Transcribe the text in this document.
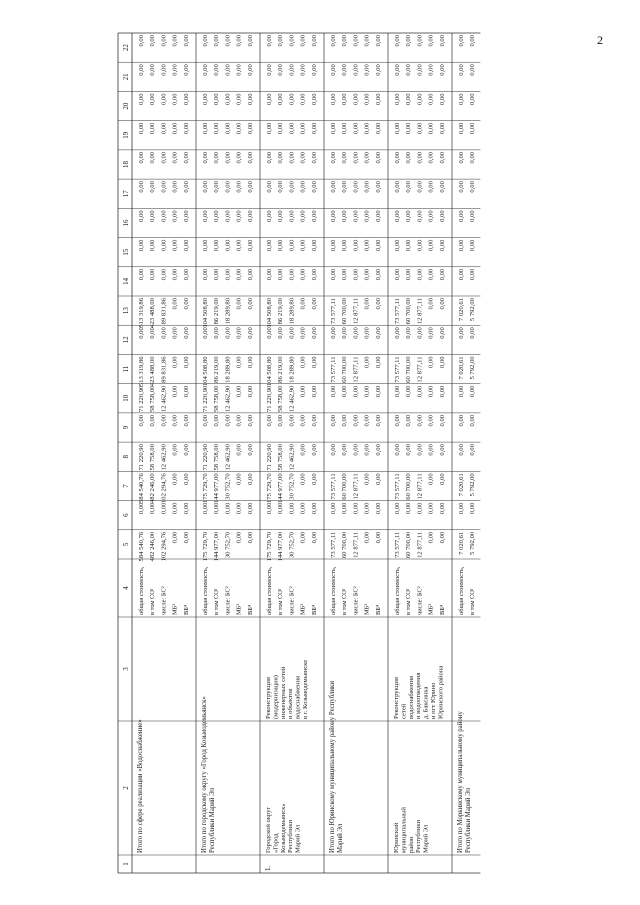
2
1
2
3
4
5
6
7
8
9
10
11
12
13
14
15
16
17
18
19
20
21
22
Итого по сфере реализации «Водоснабжение»
общая стоимость,
584 540,76
0,00
584 540,76
71 220,90
0,00
71 220,90
513 319,86
0,00
513 319,86
0,00
0,00
0,00
0,00
0,00
0,00
0,00
0,00
0,00
в том СО¹
482 246,00
0,00
482 246,00
58 758,00
0,00
58 758,00
423 488,00
0,00
423 488,00
0,00
0,00
0,00
0,00
0,00
0,00
0,00
0,00
0,00
числе: БС²
102 294,76
0,00
102 294,76
12 462,90
0,00
12 462,90
89 831,86
0,00
89 831,86
0,00
0,00
0,00
0,00
0,00
0,00
0,00
0,00
0,00
МБ³
0,00
0,00
0,00
0,00
0,00
0,00
0,00
0,00
0,00
0,00
0,00
0,00
0,00
0,00
0,00
0,00
0,00
0,00
ВБ⁴
0,00
0,00
0,00
0,00
0,00
0,00
0,00
0,00
0,00
0,00
0,00
0,00
0,00
0,00
0,00
0,00
0,00
0,00
Итого по городскому округу «Город Козьмодемьянск» Республики Марий Эл
общая стоимость,
175 729,70
0,00
175 729,70
71 220,90
0,00
71 220,90
104 508,80
0,00
104 508,80
0,00
0,00
0,00
0,00
0,00
0,00
0,00
0,00
0,00
в том СО¹
144 977,00
0,00
144 977,00
58 758,00
0,00
58 758,00
86 219,00
0,00
86 219,00
0,00
0,00
0,00
0,00
0,00
0,00
0,00
0,00
0,00
числе: БС²
30 752,70
0,00
30 752,70
12 462,90
0,00
12 462,90
18 289,80
0,00
18 289,80
0,00
0,00
0,00
0,00
0,00
0,00
0,00
0,00
0,00
МБ³
0,00
0,00
0,00
0,00
0,00
0,00
0,00
0,00
0,00
0,00
0,00
0,00
0,00
0,00
0,00
0,00
0,00
0,00
ВБ⁴
0,00
0,00
0,00
0,00
0,00
0,00
0,00
0,00
0,00
0,00
0,00
0,00
0,00
0,00
0,00
0,00
0,00
0,00
1.
Городской округ «Город Козьмодемьянск» Республики Марий Эл
Реконструкция (модернизация) инженерных сетей и объектов водоснабжения в г. Козьмодемьянске
общая стоимость,
175 729,70
0,00
175 729,70
71 220,90
0,00
71 220,90
104 508,80
0,00
104 508,80
0,00
0,00
0,00
0,00
0,00
0,00
0,00
0,00
0,00
в том СО¹
144 977,00
0,00
144 977,00
58 758,00
0,00
58 758,00
86 219,00
0,00
86 219,00
0,00
0,00
0,00
0,00
0,00
0,00
0,00
0,00
0,00
числе: БС²
30 752,70
0,00
30 752,70
12 462,90
0,00
12 462,90
18 289,80
0,00
18 289,80
0,00
0,00
0,00
0,00
0,00
0,00
0,00
0,00
0,00
МБ³
0,00
0,00
0,00
0,00
0,00
0,00
0,00
0,00
0,00
0,00
0,00
0,00
0,00
0,00
0,00
0,00
0,00
0,00
ВБ⁴
0,00
0,00
0,00
0,00
0,00
0,00
0,00
0,00
0,00
0,00
0,00
0,00
0,00
0,00
0,00
0,00
0,00
0,00
Итого по Юринскому муниципальному району Республики Марий Эл
общая стоимость,
73 577,11
0,00
73 577,11
0,00
0,00
0,00
73 577,11
0,00
73 577,11
0,00
0,00
0,00
0,00
0,00
0,00
0,00
0,00
0,00
в том СО¹
60 700,00
0,00
60 700,00
0,00
0,00
0,00
60 700,00
0,00
60 700,00
0,00
0,00
0,00
0,00
0,00
0,00
0,00
0,00
0,00
числе: БС²
12 877,11
0,00
12 877,11
0,00
0,00
0,00
12 877,11
0,00
12 877,11
0,00
0,00
0,00
0,00
0,00
0,00
0,00
0,00
0,00
МБ³
0,00
0,00
0,00
0,00
0,00
0,00
0,00
0,00
0,00
0,00
0,00
0,00
0,00
0,00
0,00
0,00
0,00
0,00
ВБ⁴
0,00
0,00
0,00
0,00
0,00
0,00
0,00
0,00
0,00
0,00
0,00
0,00
0,00
0,00
0,00
0,00
0,00
0,00
Юринский муниципальный район Республики Марий Эл
Реконструкция сетей водоснабжения и водоотведения д. Баксинка и пгт Юрино Юринского района
общая стоимость,
73 577,11
0,00
73 577,11
0,00
0,00
0,00
73 577,11
0,00
73 577,11
0,00
0,00
0,00
0,00
0,00
0,00
0,00
0,00
0,00
в том СО¹
60 700,00
0,00
60 700,00
0,00
0,00
0,00
60 700,00
0,00
60 700,00
0,00
0,00
0,00
0,00
0,00
0,00
0,00
0,00
0,00
числе: БС²
12 877,11
0,00
12 877,11
0,00
0,00
0,00
12 877,11
0,00
12 877,11
0,00
0,00
0,00
0,00
0,00
0,00
0,00
0,00
0,00
МБ³
0,00
0,00
0,00
0,00
0,00
0,00
0,00
0,00
0,00
0,00
0,00
0,00
0,00
0,00
0,00
0,00
0,00
0,00
ВБ⁴
0,00
0,00
0,00
0,00
0,00
0,00
0,00
0,00
0,00
0,00
0,00
0,00
0,00
0,00
0,00
0,00
0,00
0,00
Итого по Моркинскому муниципальному району Республики Марий Эл
общая стоимость,
7 020,61
0,00
7 020,61
0,00
0,00
0,00
7 020,61
0,00
7 020,61
0,00
0,00
0,00
0,00
0,00
0,00
0,00
0,00
0,00
в том СО¹
5 792,00
0,00
5 792,00
0,00
0,00
0,00
5 792,00
0,00
5 792,00
0,00
0,00
0,00
0,00
0,00
0,00
0,00
0,00
0,00
